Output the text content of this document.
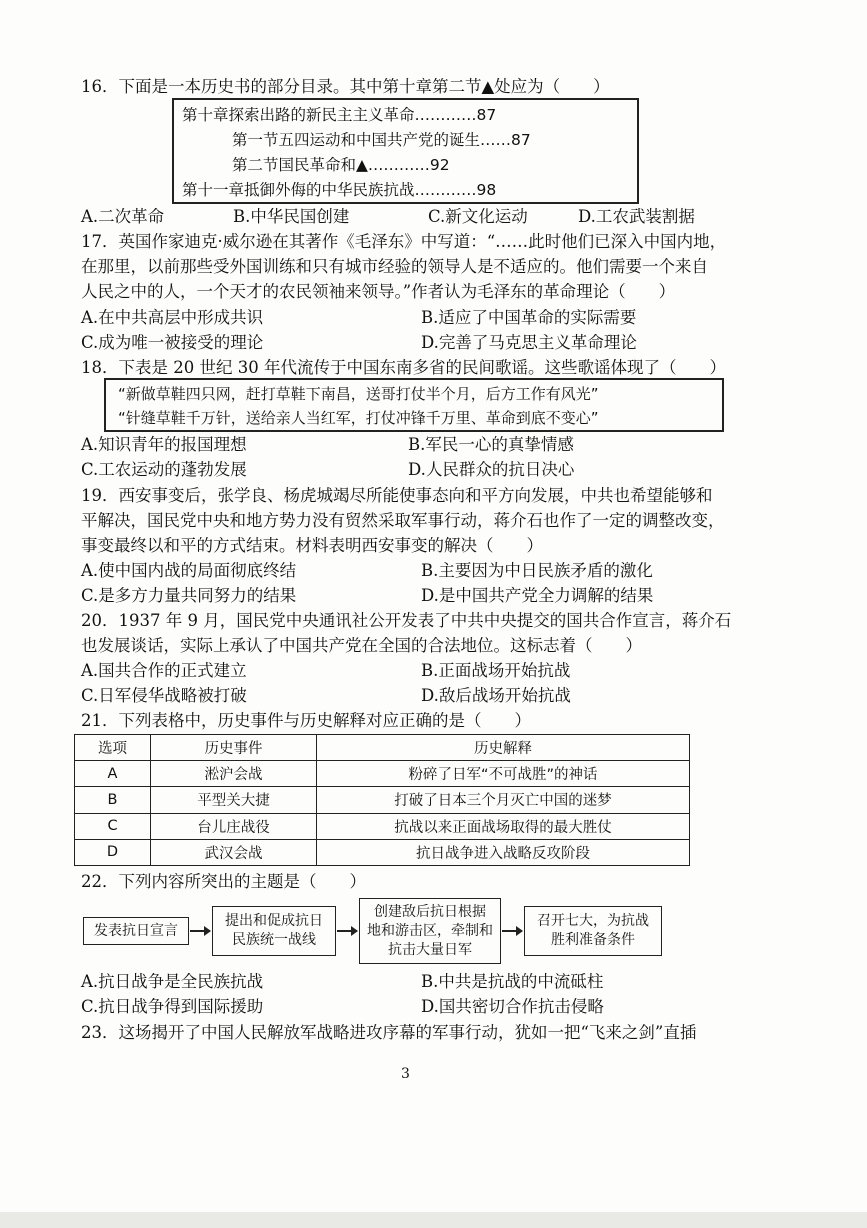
16．下面是一本历史书的部分目录。其中第十章第二节▲处应为（　　）
第十章探索出路的新民主主义革命…………87
第一节五四运动和中国共产党的诞生……87
第二节国民革命和▲…………92
第十一章抵御外侮的中华民族抗战…………98
A.二次革命	B.中华民国创建	C.新文化运动	D.工农武装割据
17．英国作家迪克·威尔逊在其著作《毛泽东》中写道：“……此时他们已深入中国内地，
在那里，以前那些受外国训练和只有城市经验的领导人是不适应的。他们需要一个来自
人民之中的人，一个天才的农民领袖来领导。”作者认为毛泽东的革命理论（　　）
A.在中共高层中形成共识	B.适应了中国革命的实际需要
C.成为唯一被接受的理论	D.完善了马克思主义革命理论
18．下表是 20 世纪 30 年代流传于中国东南多省的民间歌谣。这些歌谣体现了（　　）
“新做草鞋四只网，赶打草鞋下南昌，送哥打仗半个月，后方工作有风光”
“针缝草鞋千万针，送给亲人当红军，打仗冲锋千万里、革命到底不变心”
A.知识青年的报国理想	B.军民一心的真挚情感
C.工农运动的蓬勃发展	D.人民群众的抗日决心
19．西安事变后，张学良、杨虎城竭尽所能使事态向和平方向发展，中共也希望能够和
平解决，国民党中央和地方势力没有贸然采取军事行动，蒋介石也作了一定的调整改变，
事变最终以和平的方式结束。材料表明西安事变的解决（　　）
A.使中国内战的局面彻底终结	B.主要因为中日民族矛盾的激化
C.是多方力量共同努力的结果	D.是中国共产党全力调解的结果
20．1937 年 9 月，国民党中央通讯社公开发表了中共中央提交的国共合作宣言，蒋介石
也发展谈话，实际上承认了中国共产党在全国的合法地位。这标志着（　　）
A.国共合作的正式建立	B.正面战场开始抗战
C.日军侵华战略被打破	D.敌后战场开始抗战
21．下列表格中，历史事件与历史解释对应正确的是（　　）
选项	历史事件	历史解释
A	淞沪会战	粉碎了日军“不可战胜”的神话
B	平型关大捷	打破了日本三个月灭亡中国的迷梦
C	台儿庄战役	抗战以来正面战场取得的最大胜仗
D	武汉会战	抗日战争进入战略反攻阶段
22．下列内容所突出的主题是（　　）
发表抗日宣言
提出和促成抗日
民族统一战线
创建敌后抗日根据
地和游击区，牵制和
抗击大量日军
召开七大，为抗战
胜利准备条件
A.抗日战争是全民族抗战	B.中共是抗战的中流砥柱
C.抗日战争得到国际援助	D.国共密切合作抗击侵略
23．这场揭开了中国人民解放军战略进攻序幕的军事行动，犹如一把“飞来之剑”直插
3
